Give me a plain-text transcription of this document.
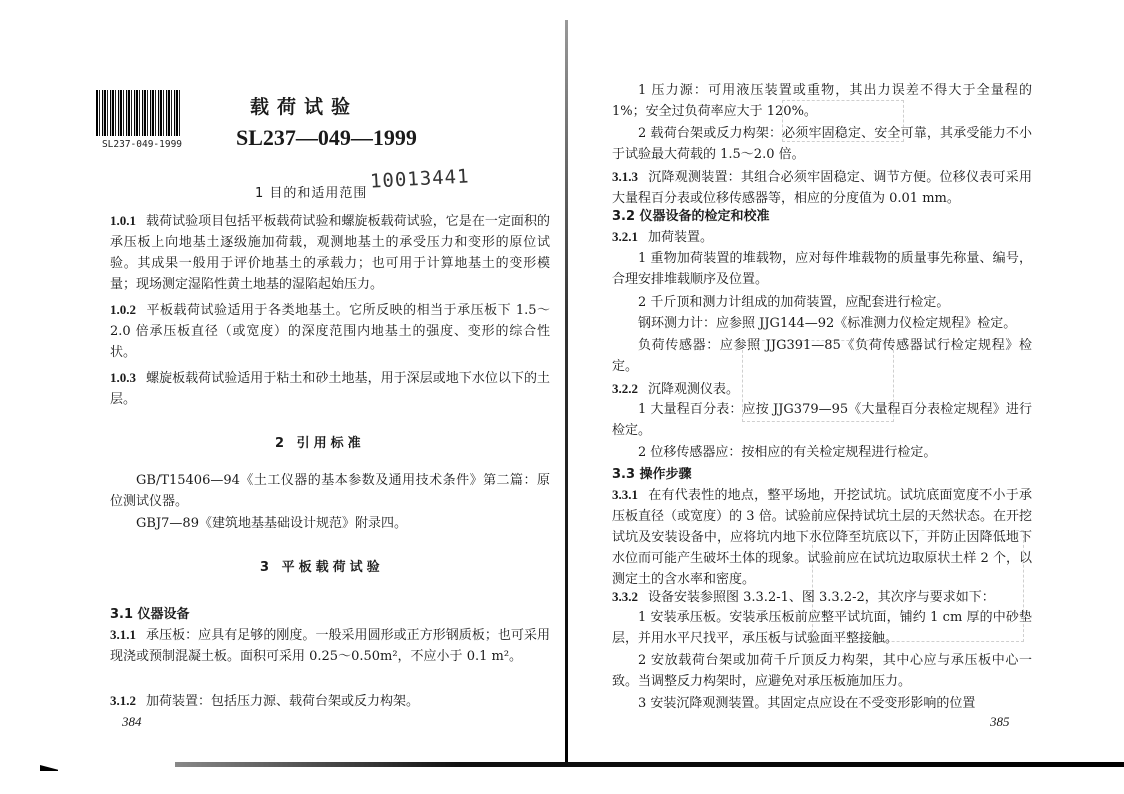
SL237-049-1999
载荷试验
SL237—049—1999
1 目的和适用范围
10013441
1.0.1 载荷试验项目包括平板载荷试验和螺旋板载荷试验，它是在一定面积的承压板上向地基土逐级施加荷载，观测地基土的承受压力和变形的原位试验。其成果一般用于评价地基土的承载力；也可用于计算地基土的变形模量；现场测定湿陷性黄土地基的湿陷起始压力。
1.0.2 平板载荷试验适用于各类地基土。它所反映的相当于承压板下 1.5～2.0 倍承压板直径（或宽度）的深度范围内地基土的强度、变形的综合性状。
1.0.3 螺旋板载荷试验适用于粘土和砂土地基，用于深层或地下水位以下的土层。
2 引用标准
GB/T15406—94《土工仪器的基本参数及通用技术条件》第二篇：原位测试仪器。
GBJ7—89《建筑地基基础设计规范》附录四。
3 平板载荷试验
3.1 仪器设备
3.1.1 承压板：应具有足够的刚度。一般采用圆形或正方形钢质板；也可采用现浇或预制混凝土板。面积可采用 0.25～0.50m²，不应小于 0.1 m²。
3.1.2 加荷装置：包括压力源、载荷台架或反力构架。
384
1 压力源：可用液压装置或重物，其出力误差不得大于全量程的 1%；安全过负荷率应大于 120%。
2 载荷台架或反力构架：必须牢固稳定、安全可靠，其承受能力不小于试验最大荷载的 1.5～2.0 倍。
3.1.3 沉降观测装置：其组合必须牢固稳定、调节方便。位移仪表可采用大量程百分表或位移传感器等，相应的分度值为 0.01 mm。
3.2 仪器设备的检定和校准
3.2.1 加荷装置。
1 重物加荷装置的堆载物，应对每件堆载物的质量事先称量、编号，合理安排堆载顺序及位置。
2 千斤顶和测力计组成的加荷装置，应配套进行检定。
钢环测力计：应参照 JJG144—92《标准测力仪检定规程》检定。
负荷传感器：应参照 JJG391—85《负荷传感器试行检定规程》检定。
3.2.2 沉降观测仪表。
1 大量程百分表：应按 JJG379—95《大量程百分表检定规程》进行检定。
2 位移传感器应：按相应的有关检定规程进行检定。
3.3 操作步骤
3.3.1 在有代表性的地点，整平场地，开挖试坑。试坑底面宽度不小于承压板直径（或宽度）的 3 倍。试验前应保持试坑土层的天然状态。在开挖试坑及安装设备中，应将坑内地下水位降至坑底以下，并防止因降低地下水位而可能产生破坏土体的现象。试验前应在试坑边取原状土样 2 个，以测定土的含水率和密度。
3.3.2 设备安装参照图 3.3.2-1、图 3.3.2-2，其次序与要求如下：
1 安装承压板。安装承压板前应整平试坑面，铺约 1 cm 厚的中砂垫层，并用水平尺找平，承压板与试验面平整接触。
2 安放载荷台架或加荷千斤顶反力构架，其中心应与承压板中心一致。当调整反力构架时，应避免对承压板施加压力。
3 安装沉降观测装置。其固定点应设在不受变形影响的位置
385
